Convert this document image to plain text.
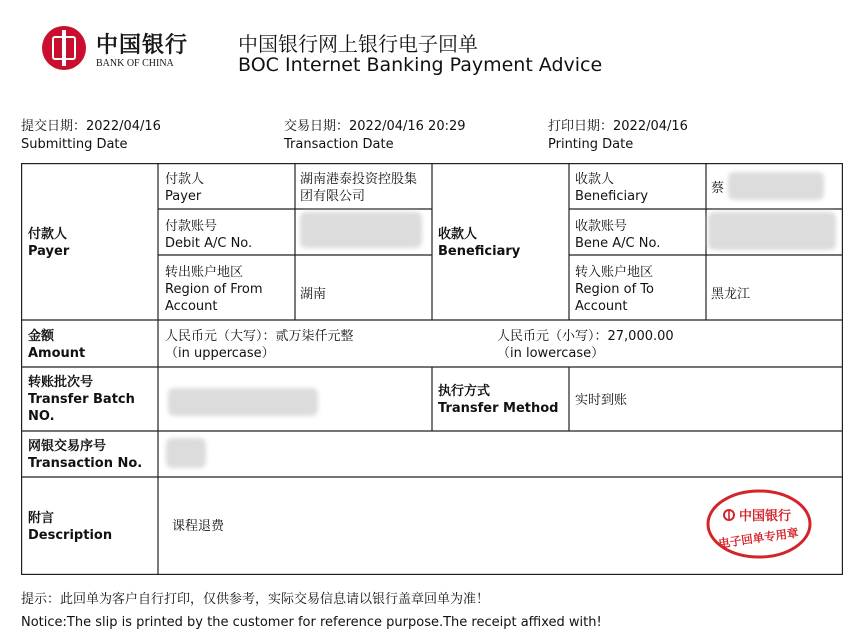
中国银行
BANK OF CHINA
中国银行网上银行电子回单
BOC Internet Banking Payment Advice
提交日期：2022/04/16
Submitting Date
交易日期：2022/04/16 20:29
Transaction Date
打印日期：2022/04/16
Printing Date
付款人
Payer
付款人
Payer
湖南港泰投资控股集团有限公司
付款账号
Debit A/C No.
转出账户地区
Region of From Account
湖南
收款人
Beneficiary
收款人
Beneficiary
蔡
收款账号
Bene A/C No.
转入账户地区
Region of To Account
黑龙江
金额
Amount
人民币元（大写）：贰万柒仟元整
（in uppercase）
人民币元（小写）：27,000.00
（in lowercase）
转账批次号
Transfer Batch NO.
执行方式
Transfer Method
实时到账
网银交易序号
Transaction No.
附言
Description
课程退费
中国银行
电子回单专用章
提示：此回单为客户自行打印，仅供参考，实际交易信息请以银行盖章回单为准！
Notice:The slip is printed by the customer for reference purpose.The receipt affixed with!
